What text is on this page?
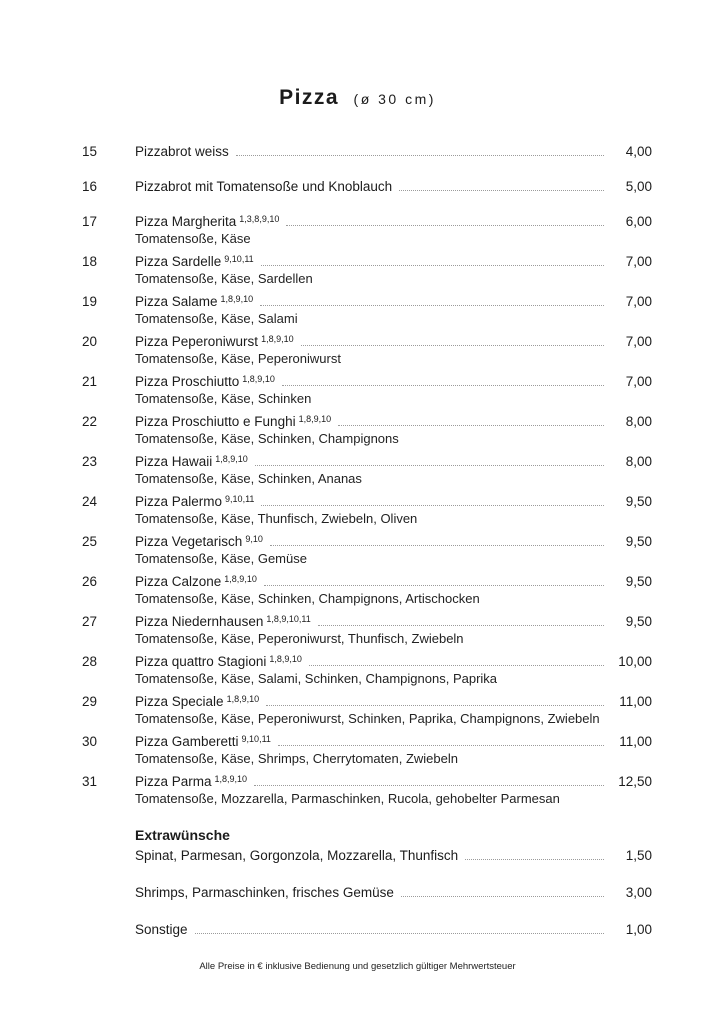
Pizza (ø 30 cm)
15	Pizzabrot weiss	4,00
16	Pizzabrot mit Tomatensoße und Knoblauch	5,00
17	Pizza Margherita $^{1,3,8,9,10}$	6,00
Tomatensoße, Käse
18	Pizza Sardelle $^{9,10,11}$	7,00
Tomatensoße, Käse, Sardellen
19	Pizza Salame $^{1,8,9,10}$	7,00
Tomatensoße, Käse, Salami
20	Pizza Peperoniwurst $^{1,8,9,10}$	7,00
Tomatensoße, Käse, Peperoniwurst
21	Pizza Proschiutto $^{1,8,9,10}$	7,00
Tomatensoße, Käse, Schinken
22	Pizza Proschiutto e Funghi $^{1,8,9,10}$	8,00
Tomatensoße, Käse, Schinken, Champignons
23	Pizza Hawaii $^{1,8,9,10}$	8,00
Tomatensoße, Käse, Schinken, Ananas
24	Pizza Palermo $^{9,10,11}$	9,50
Tomatensoße, Käse, Thunfisch, Zwiebeln, Oliven
25	Pizza Vegetarisch $^{9,10}$	9,50
Tomatensoße, Käse, Gemüse
26	Pizza Calzone $^{1,8,9,10}$	9,50
Tomatensoße, Käse, Schinken, Champignons, Artischocken
27	Pizza Niedernhausen $^{1,8,9,10,11}$	9,50
Tomatensoße, Käse, Peperoniwurst, Thunfisch, Zwiebeln
28	Pizza quattro Stagioni $^{1,8,9,10}$	10,00
Tomatensoße, Käse, Salami, Schinken, Champignons, Paprika
29	Pizza Speciale $^{1,8,9,10}$	11,00
Tomatensoße, Käse, Peperoniwurst, Schinken, Paprika, Champignons, Zwiebeln
30	Pizza Gamberetti $^{9,10,11}$	11,00
Tomatensoße, Käse, Shrimps, Cherrytomaten, Zwiebeln
31	Pizza Parma $^{1,8,9,10}$	12,50
Tomatensoße, Mozzarella, Parmaschinken, Rucola, gehobelter Parmesan
Extrawünsche
Spinat, Parmesan, Gorgonzola, Mozzarella, Thunfisch	1,50
Shrimps, Parmaschinken, frisches Gemüse	3,00
Sonstige	1,00
Alle Preise in € inklusive Bedienung und gesetzlich gültiger Mehrwertsteuer
